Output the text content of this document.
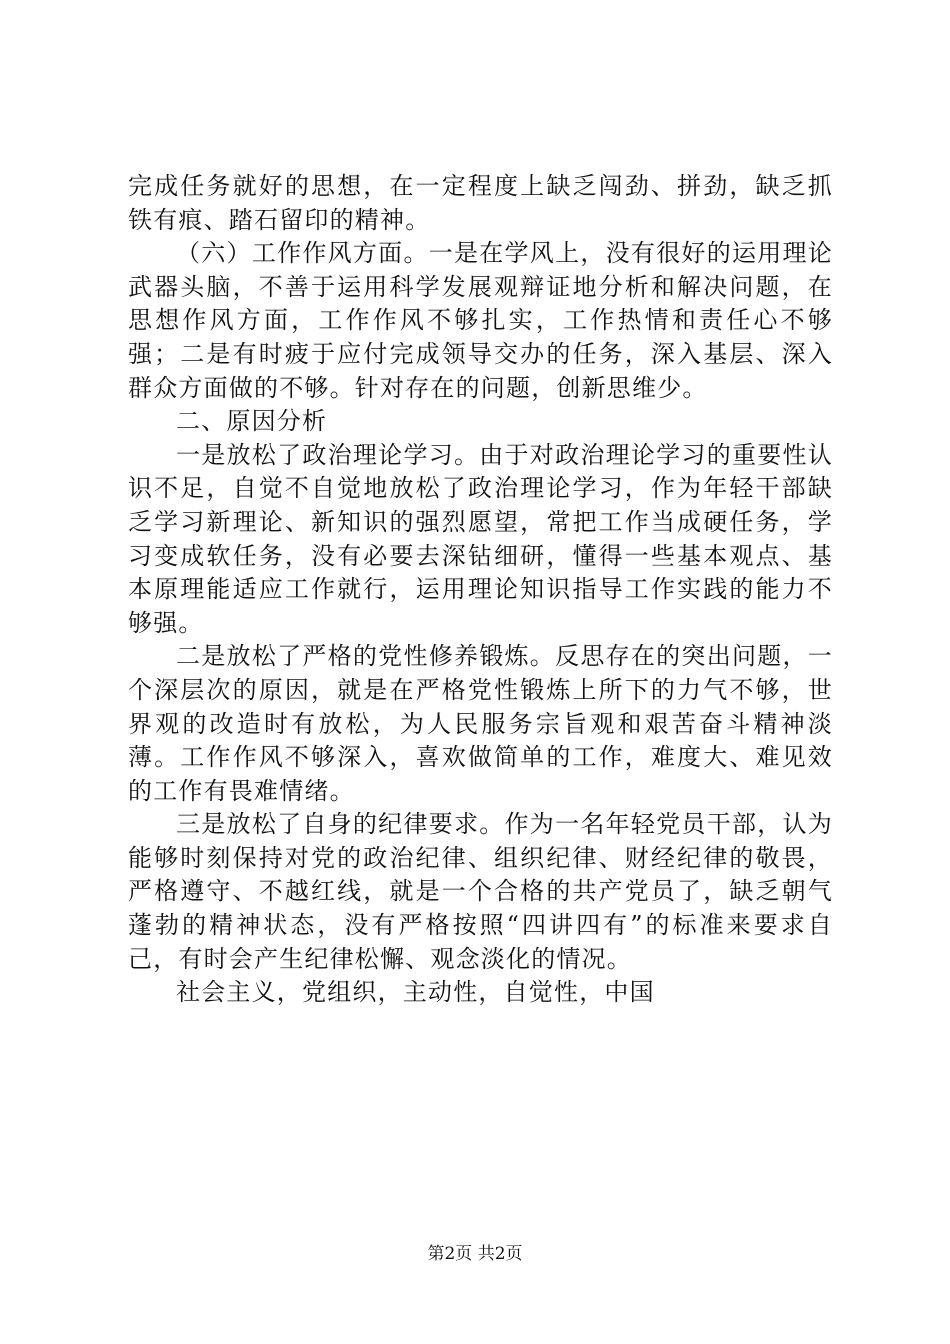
完成任务就好的思想，在一定程度上缺乏闯劲、拼劲，缺乏抓铁有痕、踏石留印的精神。

（六）工作作风方面。一是在学风上，没有很好的运用理论武器头脑，不善于运用科学发展观辩证地分析和解决问题，在思想作风方面，工作作风不够扎实，工作热情和责任心不够强；二是有时疲于应付完成领导交办的任务，深入基层、深入群众方面做的不够。针对存在的问题，创新思维少。

二、原因分析

一是放松了政治理论学习。由于对政治理论学习的重要性认识不足，自觉不自觉地放松了政治理论学习，作为年轻干部缺乏学习新理论、新知识的强烈愿望，常把工作当成硬任务，学习变成软任务，没有必要去深钻细研，懂得一些基本观点、基本原理能适应工作就行，运用理论知识指导工作实践的能力不够强。

二是放松了严格的党性修养锻炼。反思存在的突出问题，一个深层次的原因，就是在严格党性锻炼上所下的力气不够，世界观的改造时有放松，为人民服务宗旨观和艰苦奋斗精神淡薄。工作作风不够深入，喜欢做简单的工作，难度大、难见效的工作有畏难情绪。

三是放松了自身的纪律要求。作为一名年轻党员干部，认为能够时刻保持对党的政治纪律、组织纪律、财经纪律的敬畏，严格遵守、不越红线，就是一个合格的共产党员了，缺乏朝气蓬勃的精神状态，没有严格按照“四讲四有”的标准来要求自己，有时会产生纪律松懈、观念淡化的情况。

社会主义，党组织，主动性，自觉性，中国

第2页 共2页
